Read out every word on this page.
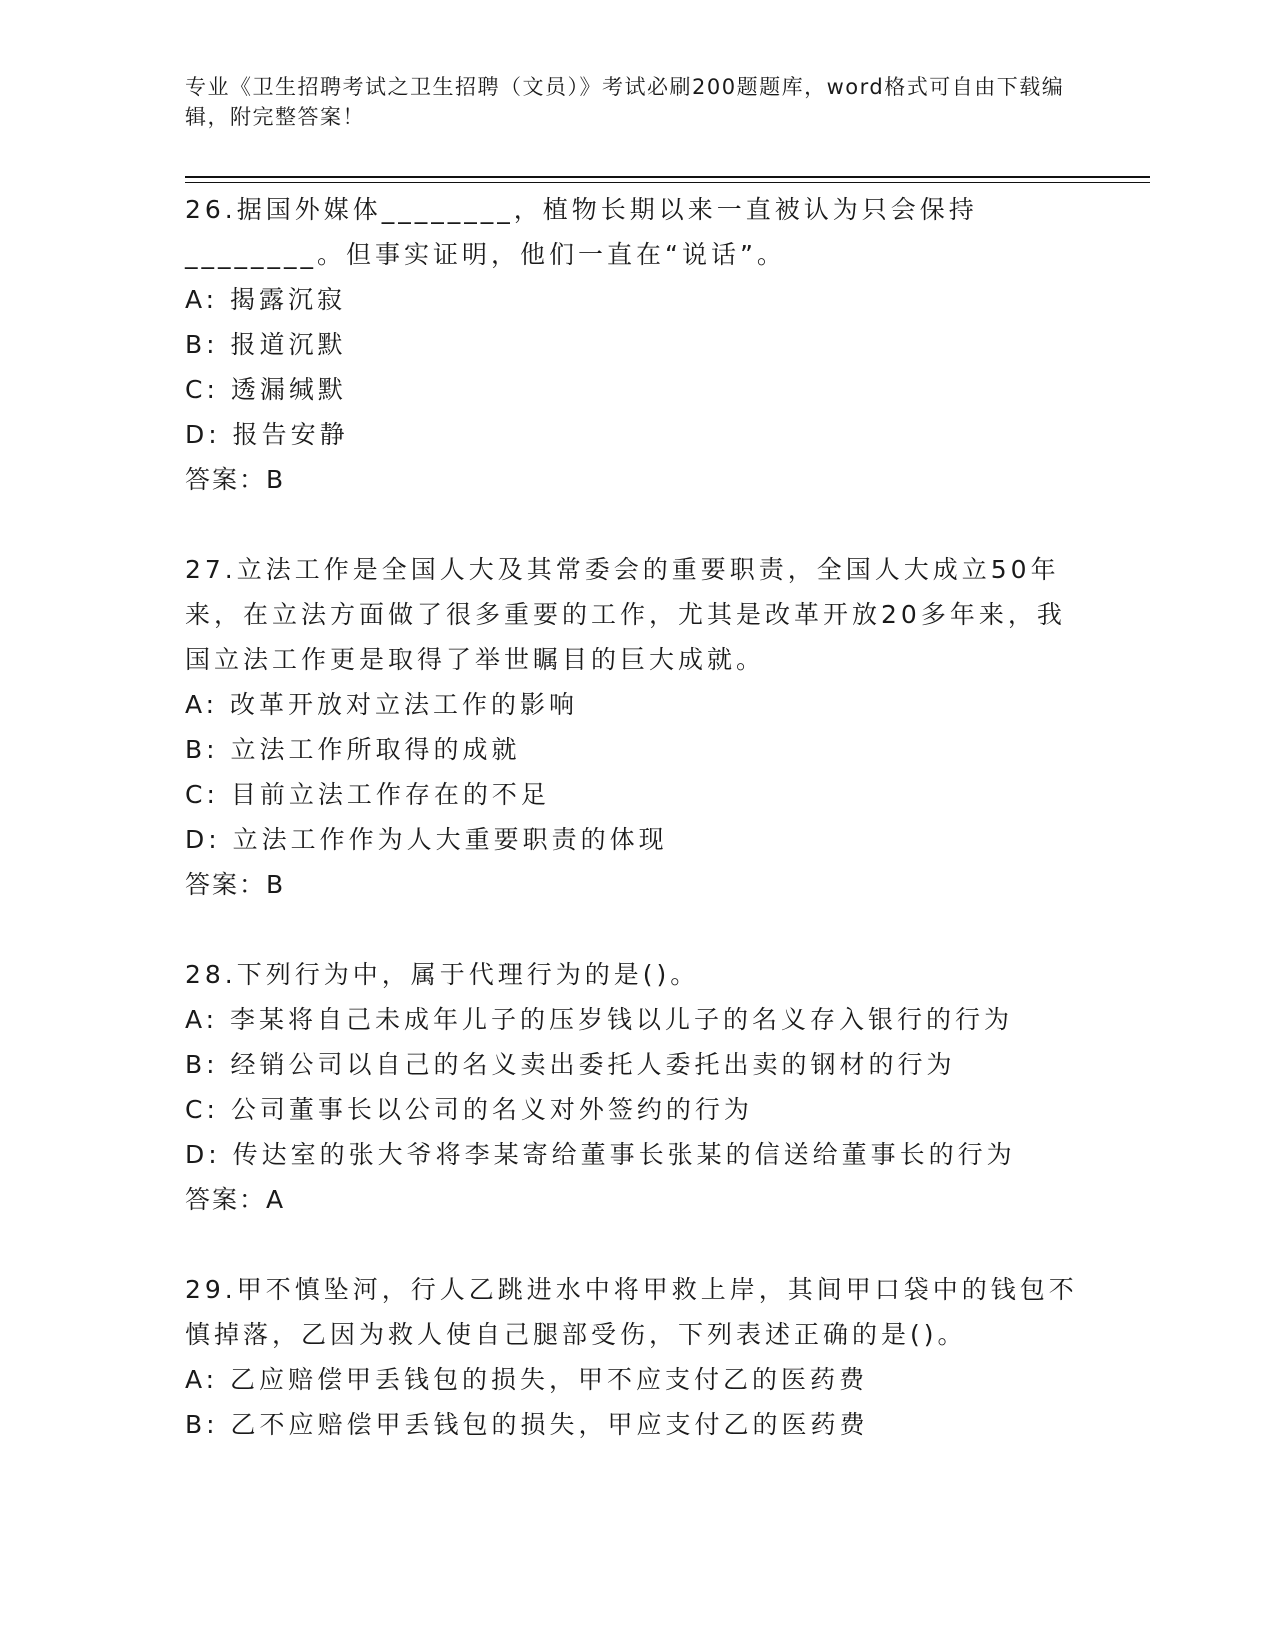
专业《卫生招聘考试之卫生招聘（文员）》考试必刷200题题库，word格式可自由下载编辑，附完整答案！

26.据国外媒体________，植物长期以来一直被认为只会保持________。但事实证明，他们一直在“说话”。

A: 揭露沉寂

B: 报道沉默

C: 透漏缄默

D: 报告安静

答案：B

27.立法工作是全国人大及其常委会的重要职责，全国人大成立50年来，在立法方面做了很多重要的工作，尤其是改革开放20多年来，我国立法工作更是取得了举世瞩目的巨大成就。

A: 改革开放对立法工作的影响

B: 立法工作所取得的成就

C: 目前立法工作存在的不足

D: 立法工作作为人大重要职责的体现

答案：B

28.下列行为中，属于代理行为的是()。

A: 李某将自己未成年儿子的压岁钱以儿子的名义存入银行的行为

B: 经销公司以自己的名义卖出委托人委托出卖的钢材的行为

C: 公司董事长以公司的名义对外签约的行为

D: 传达室的张大爷将李某寄给董事长张某的信送给董事长的行为

答案：A

29.甲不慎坠河，行人乙跳进水中将甲救上岸，其间甲口袋中的钱包不慎掉落，乙因为救人使自己腿部受伤，下列表述正确的是()。

A: 乙应赔偿甲丢钱包的损失，甲不应支付乙的医药费

B: 乙不应赔偿甲丢钱包的损失，甲应支付乙的医药费
